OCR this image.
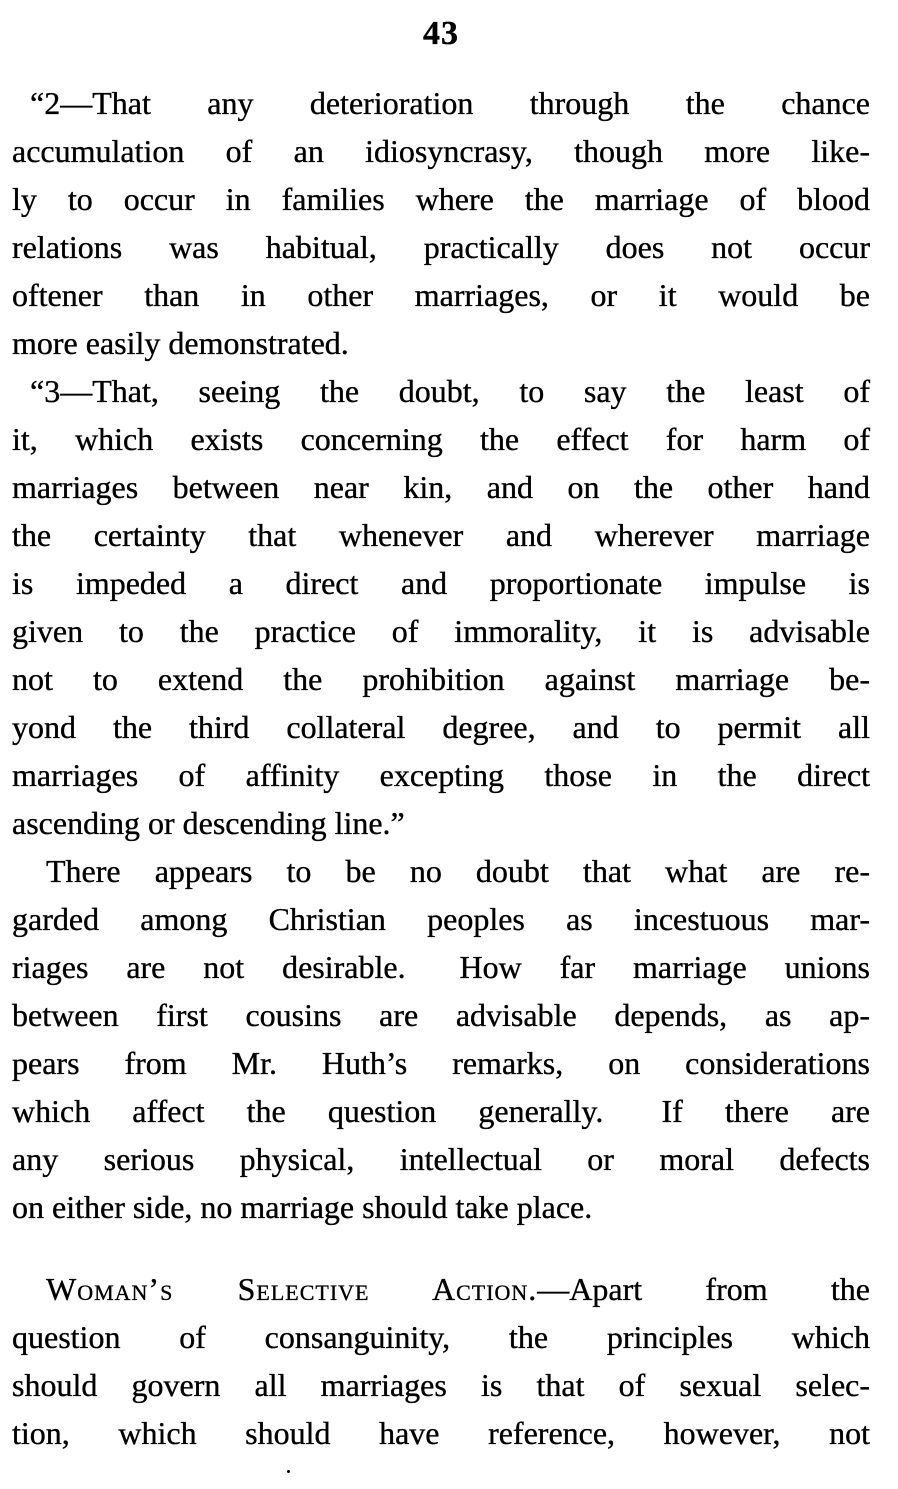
43
“2—That any deterioration through the chance
accumulation of an idiosyncrasy, though more like-
ly to occur in families where the marriage of blood
relations was habitual, practically does not occur
oftener than in other marriages, or it would be
more easily demonstrated.
“3—That, seeing the doubt, to say the least of
it, which exists concerning the effect for harm of
marriages between near kin, and on the other hand
the certainty that whenever and wherever marriage
is impeded a direct and proportionate impulse is
given to the practice of immorality, it is advisable
not to extend the prohibition against marriage be-
yond the third collateral degree, and to permit all
marriages of affinity excepting those in the direct
ascending or descending line.”
There appears to be no doubt that what are re-
garded among Christian peoples as incestuous mar-
riages are not desirable.  How far marriage unions
between first cousins are advisable depends, as ap-
pears from Mr. Huth’s remarks, on considerations
which affect the question generally.  If there are
any serious physical, intellectual or moral defects
on either side, no marriage should take place.
Woman’s Selective Action.—Apart from the
question of consanguinity, the principles which
should govern all marriages is that of sexual selec-
tion, which should have reference, however, not
